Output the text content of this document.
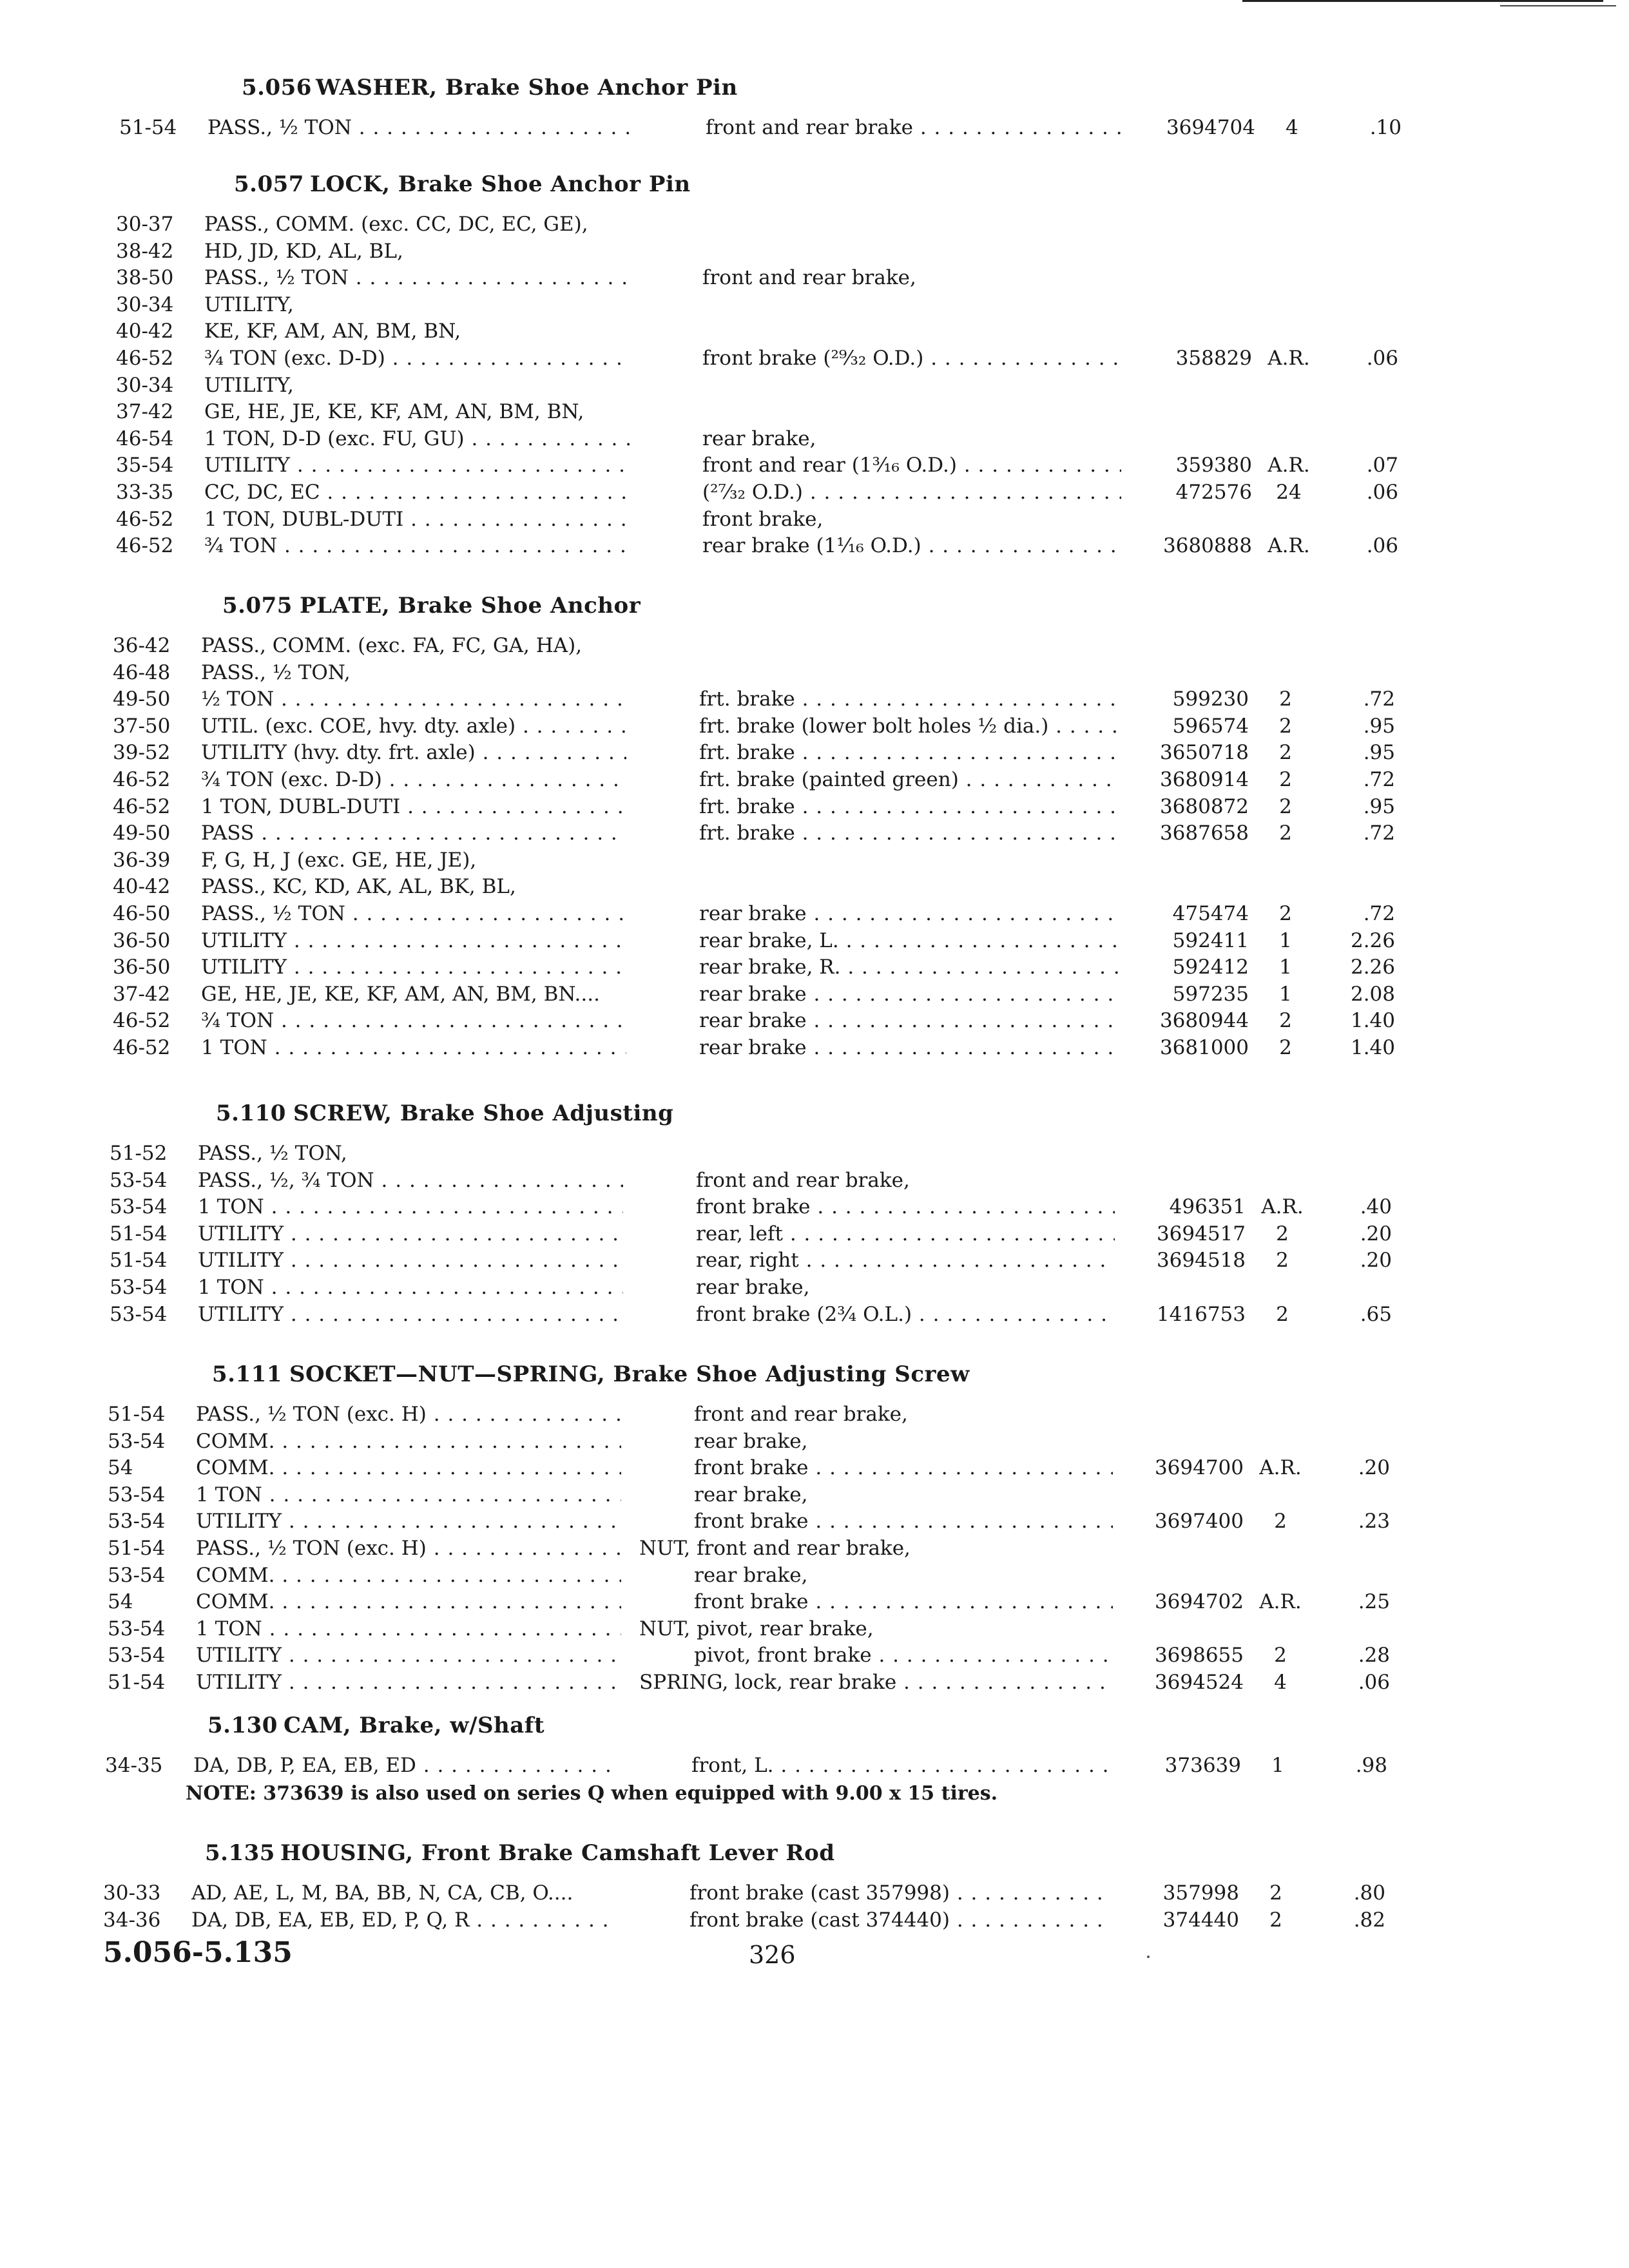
5.056 WASHER, Brake Shoe Anchor Pin
51-54 PASS., ½ TON . . .	front and rear brake . . .	3694704	4	.10
5.057 LOCK, Brake Shoe Anchor Pin
30-37 PASS., COMM. (exc. CC, DC, EC, GE),
38-42 HD, JD, KD, AL, BL,
38-50 PASS., ½ TON . . .	front and rear brake,
30-34 UTILITY,
40-42 KE, KF, AM, AN, BM, BN,
46-52 ¾ TON (exc. D-D) . . .	front brake (²⁹⁄₃₂ O.D.) . . .	358829 A.R.	.06
30-34 UTILITY,
37-42 GE, HE, JE, KE, KF, AM, AN, BM, BN,
46-54 1 TON, D-D (exc. FU, GU) . . .	rear brake,
35-54 UTILITY . . .	front and rear (1³⁄₁₆ O.D.) . . .	359380 A.R.	.07
33-35 CC, DC, EC . . .	(²⁷⁄₃₂ O.D.) . . .	472576	24	.06
46-52 1 TON, DUBL-DUTI . . .	front brake,
46-52 ¾ TON . . .	rear brake (1¹⁄₁₆ O.D.) . . .	3680888 A.R.	.06
5.075 PLATE, Brake Shoe Anchor
36-42 PASS., COMM. (exc. FA, FC, GA, HA),
46-48 PASS., ½ TON,
49-50 ½ TON . . .	frt. brake . . .	599230	2	.72
37-50 UTIL. (exc. COE, hvy. dty. axle) . . .	frt. brake (lower bolt holes ½ dia.) . . .	596574	2	.95
39-52 UTILITY (hvy. dty. frt. axle) . . .	frt. brake . . .	3650718	2	.95
46-52 ¾ TON (exc. D-D) . . .	frt. brake (painted green) . . .	3680914	2	.72
46-52 1 TON, DUBL-DUTI . . .	frt. brake . . .	3680872	2	.95
49-50 PASS . . .	frt. brake . . .	3687658	2	.72
36-39 F, G, H, J (exc. GE, HE, JE),
40-42 PASS., KC, KD, AK, AL, BK, BL,
46-50 PASS., ½ TON . . .	rear brake . . .	475474	2	.72
36-50 UTILITY . . .	rear brake, L. . . .	592411	1	2.26
36-50 UTILITY . . .	rear brake, R. . . .	592412	1	2.26
37-42 GE, HE, JE, KE, KF, AM, AN, BM, BN....	rear brake . . .	597235	1	2.08
46-52 ¾ TON . . .	rear brake . . .	3680944	2	1.40
46-52 1 TON . . .	rear brake . . .	3681000	2	1.40
5.110 SCREW, Brake Shoe Adjusting
51-52 PASS., ½ TON,
53-54 PASS., ½, ¾ TON . . .	front and rear brake,
53-54 1 TON . . .	front brake . . .	496351 A.R.	.40
51-54 UTILITY . . .	rear, left . . .	3694517	2	.20
51-54 UTILITY . . .	rear, right . . .	3694518	2	.20
53-54 1 TON . . .	rear brake,
53-54 UTILITY . . .	front brake (2¾ O.L.) . . .	1416753	2	.65
5.111 SOCKET—NUT—SPRING, Brake Shoe Adjusting Screw
51-54 PASS., ½ TON (exc. H) . . .	front and rear brake,
53-54 COMM. . . .	rear brake,
54	COMM. . . .	front brake . . .	3694700 A.R.	.20
53-54 1 TON . . .	rear brake,
53-54 UTILITY . . .	front brake . . .	3697400	2	.23
51-54 PASS., ½ TON (exc. H) . . .	NUT, front and rear brake,
53-54 COMM. . . .	rear brake,
54	COMM. . . .	front brake . . .	3694702 A.R.	.25
53-54 1 TON . . .	NUT, pivot, rear brake,
53-54 UTILITY . . .	pivot, front brake . . .	3698655	2	.28
51-54 UTILITY . . .	SPRING, lock, rear brake . . .	3694524	4	.06
5.130 CAM, Brake, w/Shaft
34-35 DA, DB, P, EA, EB, ED . . .	front, L. . . .	373639	1	.98
NOTE: 373639 is also used on series Q when equipped with 9.00 x 15 tires.
5.135 HOUSING, Front Brake Camshaft Lever Rod
30-33 AD, AE, L, M, BA, BB, N, CA, CB, O....	front brake (cast 357998) . . .	357998	2	.80
34-36 DA, DB, EA, EB, ED, P, Q, R . . .	front brake (cast 374440) . . .	374440	2	.82
5.056-5.135	326
